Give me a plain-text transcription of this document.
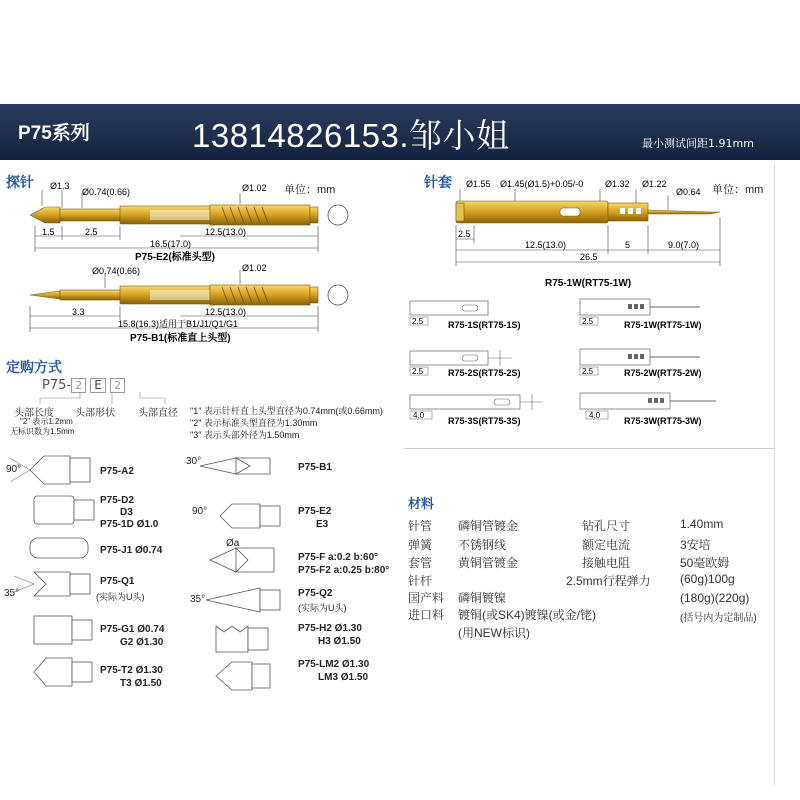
P75系列	13814826153.邹小姐	最小测试间距1.91mm
探针	单位：mm
Ø1.3
Ø0.74(0.66)	Ø1.02
1.5	2.5	12.5(13.0)
16.5(17.0)
P75-E2(标准头型)
Ø0.74(0.66)	Ø1.02
3.3	12.5(13.0)
15.8(16.3)适用于B1/J1/Q1/G1
P75-B1(标准直上头型)
针套	单位：mm
Ø1.55 Ø1.45(Ø1.5)+0.05/-0 Ø1.32 Ø1.22
Ø0.64
2.5
12.5(13.0)	5	9.0(7.0)
26.5
R75-1W(RT75-1W)
2.5	R75-1S(RT75-1S)	2.5	R75-1W(RT75-1W)
2.5	R75-2S(RT75-2S)	2.5	R75-2W(RT75-2W)
4.0
R75-3S(RT75-3S)
4.0
R75-3W(RT75-3W)
定购方式
P75- 2 E 2
头部长度 头部形状 头部直径
"2" 表示1.2mm
无标识数为1.5mm
"1" 表示针杆直上头型直径为0.74mm(或0.66mm)
"2" 表示标准头型直径为1.30mm
"3" 表示头部外径为1.50mm
90°	P75-A2
P75-D2
D3
P75-1D Ø1.0
P75-J1 Ø0.74
35°
P75-Q1
(实际为U头)
P75-G1 Ø0.74
G2 Ø1.30
P75-T2 Ø1.30
T3 Ø1.50
30°
P75-B1
90°	P75-E2
E3
Øa
P75-F a:0.2 b:60°
P75-F2 a:0.25 b:80°
35°
P75-Q2
(实际为U头)
P75-H2 Ø1.30
H3 Ø1.50
P75-LM2 Ø1.30
LM3 Ø1.50
材料
针管 磷铜管镀金	钻孔尺寸	1.40mm
弹簧 不锈钢线	额定电流	3安培
套管 黄铜管镀金	接触电阻	50毫欧姆
针杆	2.5mm行程弹力 (60g)100g
国产料 磷铜镀镍	(180g)(220g)
进口料 镀铜(或SK4)镀镍(或金/铑)	(括号内为定制品)
(用NEW标识)
